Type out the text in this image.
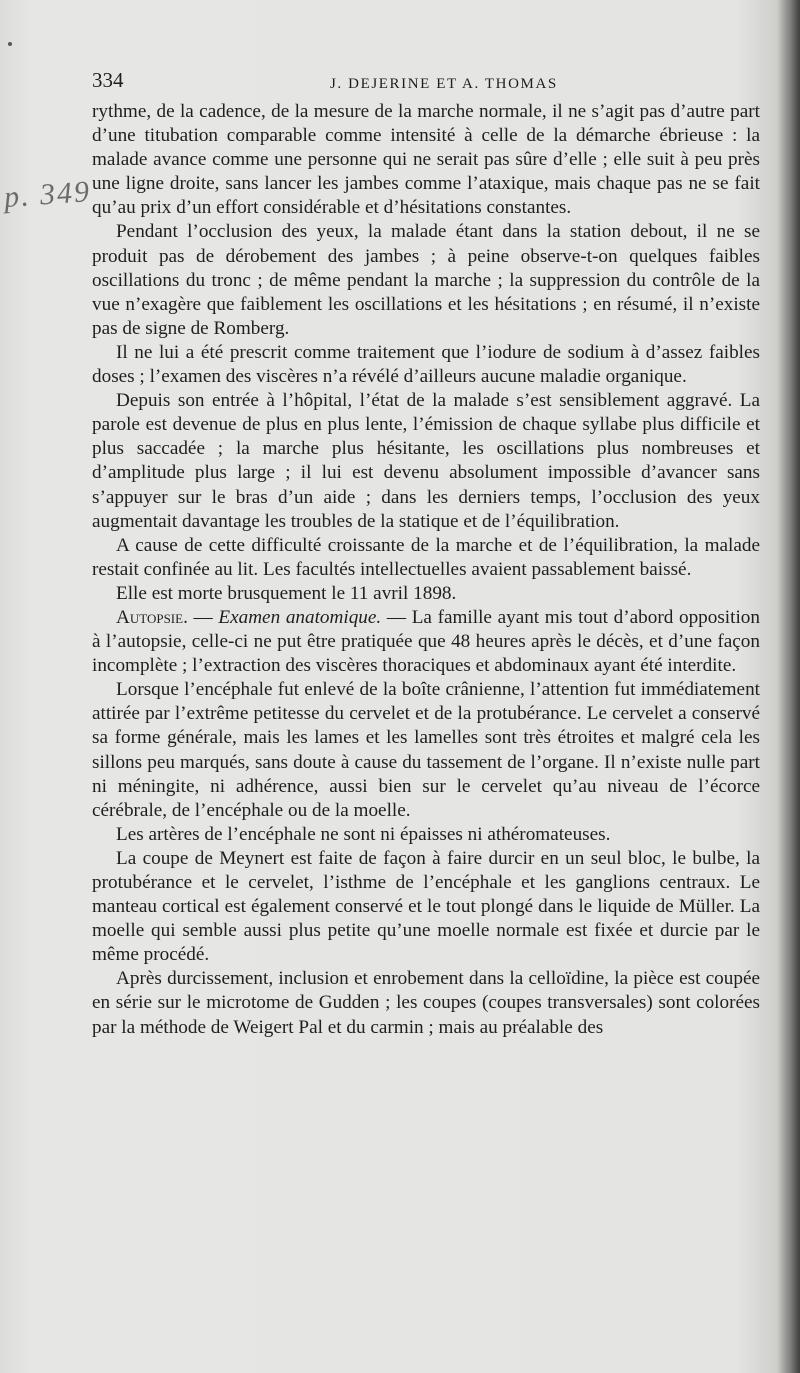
334	J. DEJERINE ET A. THOMAS
p. 349

rythme, de la cadence, de la mesure de la marche normale, il ne s’agit pas d’autre part d’une titubation comparable comme intensité à celle de la démarche ébrieuse : la malade avance comme une personne qui ne serait pas sûre d’elle ; elle suit à peu près une ligne droite, sans lancer les jambes comme l’ataxique, mais chaque pas ne se fait qu’au prix d’un effort considérable et d’hésitations constantes.

Pendant l’occlusion des yeux, la malade étant dans la station debout, il ne se produit pas de dérobement des jambes ; à peine observe-t-on quelques faibles oscillations du tronc ; de même pendant la marche ; la suppression du contrôle de la vue n’exagère que faiblement les oscillations et les hésitations ; en résumé, il n’existe pas de signe de Romberg.

Il ne lui a été prescrit comme traitement que l’iodure de sodium à d’assez faibles doses ; l’examen des viscères n’a révélé d’ailleurs aucune maladie organique.

Depuis son entrée à l’hôpital, l’état de la malade s’est sensiblement aggravé. La parole est devenue de plus en plus lente, l’émission de chaque syllabe plus difficile et plus saccadée ; la marche plus hésitante, les oscillations plus nombreuses et d’amplitude plus large ; il lui est devenu absolument impossible d’avancer sans s’appuyer sur le bras d’un aide ; dans les derniers temps, l’occlusion des yeux augmentait davantage les troubles de la statique et de l’équilibration.

A cause de cette difficulté croissante de la marche et de l’équilibration, la malade restait confinée au lit. Les facultés intellectuelles avaient passablement baissé.

Elle est morte brusquement le 11 avril 1898.

Autopsie. — Examen anatomique. — La famille ayant mis tout d’abord opposition à l’autopsie, celle-ci ne put être pratiquée que 48 heures après le décès, et d’une façon incomplète ; l’extraction des viscères thoraciques et abdominaux ayant été interdite.

Lorsque l’encéphale fut enlevé de la boîte crânienne, l’attention fut immédiatement attirée par l’extrême petitesse du cervelet et de la protubérance. Le cervelet a conservé sa forme générale, mais les lames et les lamelles sont très étroites et malgré cela les sillons peu marqués, sans doute à cause du tassement de l’organe. Il n’existe nulle part ni méningite, ni adhérence, aussi bien sur le cervelet qu’au niveau de l’écorce cérébrale, de l’encéphale ou de la moelle.

Les artères de l’encéphale ne sont ni épaisses ni athéromateuses.

La coupe de Meynert est faite de façon à faire durcir en un seul bloc, le bulbe, la protubérance et le cervelet, l’isthme de l’encéphale et les ganglions centraux. Le manteau cortical est également conservé et le tout plongé dans le liquide de Müller. La moelle qui semble aussi plus petite qu’une moelle normale est fixée et durcie par le même procédé.

Après durcissement, inclusion et enrobement dans la celloïdine, la pièce est coupée en série sur le microtome de Gudden ; les coupes (coupes transversales) sont colorées par la méthode de Weigert Pal et du carmin ; mais au préalable des
